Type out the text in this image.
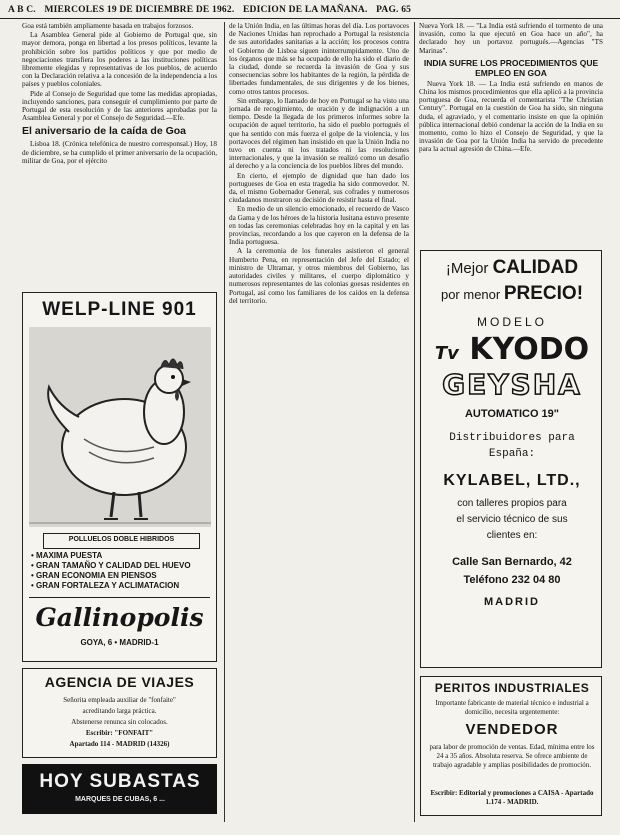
A B C. MIERCOLES 19 DE DICIEMBRE DE 1962. EDICION DE LA MAÑANA. PAG. 65

Goa está también ampliamente basada en trabajos forzosos.

La Asamblea General pide al Gobierno de Portugal que, sin mayor demora, ponga en libertad a los presos políticos, levante la prohibición sobre los partidos políticos y que por medio de negociaciones transfiera los poderes a las instituciones políticas libremente elegidas y representativas de los pueblos, de acuerdo con la Declaración relativa a la concesión de la independencia a los países y pueblos coloniales.

Pide al Consejo de Seguridad que tome las medidas apropiadas, incluyendo sanciones, para conseguir el cumplimiento por parte de Portugal de esta resolución y de las anteriores aprobadas por la Asamblea General y por el Consejo de Seguridad.—Efe.

El aniversario de la caída de Goa

Lisboa 18. (Crónica telefónica de nuestro corresponsal.) Hoy, 18 de diciembre, se ha cumplido el primer aniversario de la ocupación, militar de Goa, por el ejército

WELP-LINE 901
POLLUELOS DOBLE HIBRIDOS
• MAXIMA PUESTA
• GRAN TAMAÑO Y CALIDAD DEL HUEVO
• GRAN ECONOMIA EN PIENSOS
• GRAN FORTALEZA Y ACLIMATACION
Gallinopolis
GOYA, 6 • MADRID-1
AGENCIA DE VIAJES
Señorita empleada auxiliar de "fonfaite"
acreditando larga práctica.
Abstenerse renunca sin colocados.
Escribir: "FONFAIT"
Apartado 114 - MADRID (14326)
HOY SUBASTAS
MARQUES DE CUBAS, 6 ...

de la Unión India, en las últimas horas del día. Los portavoces de Naciones Unidas han reprochado a Portugal la resistencia de sus autoridades sanitarias a la acción; los procesos contra el Gobierno de Lisboa siguen ininterrumpidamente. Uno de los órganos que más se ha ocupado de ello ha sido el diario de la ciudad, donde se recuerda la invasión de Goa y sus consecuencias sobre los habitantes de la región, la pérdida de libertades fundamentales, de sus dirigentes y de los bienes, como otros tantos procesos.

Sin embargo, lo llamado de hoy en Portugal se ha visto una jornada de recogimiento, de oración y de indignación a un tiempo. Desde la llegada de los primeros informes sobre la ocupación de aquel territorio, ha sido el pueblo portugués el que ha sentido con más fuerza el golpe de la violencia, y los portavoces del régimen han insistido en que la Unión India no tuvo en cuenta ni los tratados ni las resoluciones internacionales, y que la invasión se realizó como un desafío al derecho y a la conciencia de los pueblos libres del mundo.

En cierto, el ejemplo de dignidad que han dado los portugueses de Goa en esta tragedia ha sido conmovedor. N. da, el mismo Gobernador General, sus cofrades y numerosos ciudadanos mostraron su decisión de resistir hasta el final.

En medio de un silencio emocionado, el recuerdo de Vasco da Gama y de los héroes de la historia lusitana estuvo presente en todas las ceremonias celebradas hoy en la capital y en las provincias, recordando a los que cayeron en la defensa de la India portuguesa.

A la ceremonia de los funerales asistieron el general Humberto Pena, en representación del Jefe del Estado; el ministro de Ultramar, y otros miembros del Gobierno, las autoridades civiles y militares, el cuerpo diplomático y numerosos representantes de las colonias goesas residentes en Portugal, así como los familiares de los caídos en la defensa del territorio.

Nueva York 18. — "La India está sufriendo el tormento de una invasión, como la que ejecutó en Goa hace un año", ha declarado hoy un portavoz portugués.—Agencias "TS Marinas".

INDIA SUFRE LOS PROCEDIMIENTOS QUE EMPLEO EN GOA

Nueva York 18. — La India está sufriendo en manos de China los mismos procedimientos que ella aplicó a la provincia portuguesa de Goa, recuerda el comentarista "The Christian Century". Portugal en la cuestión de Goa ha sido, sin ninguna duda, el agraviado, y el comentario insiste en que la opinión pública internacional debió condenar la acción de la India en su momento, como lo hizo el Consejo de Seguridad, y que la invasión de Goa por la Unión India ha servido de precedente para la actual agresión de China.—Efe.

¡Mejor CALIDAD
por menor PRECIO!
MODELO
Tv KYODO
GEYSHA
AUTOMATICO 19"
Distribuidores para
España:
KYLABEL, LTD.,
con talleres propios para
el servicio técnico de sus
clientes en:
Calle San Bernardo, 42
Teléfono 232 04 80
MADRID
PERITOS INDUSTRIALES
Importante fabricante de material técnico e industrial a domicilio, necesita urgentemente:
VENDEDOR
para labor de promoción de ventas. Edad, mínima entre los 24 a 35 años. Absoluta reserva. Se ofrece ambiente de trabajo agradable y amplias posibilidades de promoción.
Escribir: Editorial y promociones a CAISA - Apartado 1.174 - MADRID.
